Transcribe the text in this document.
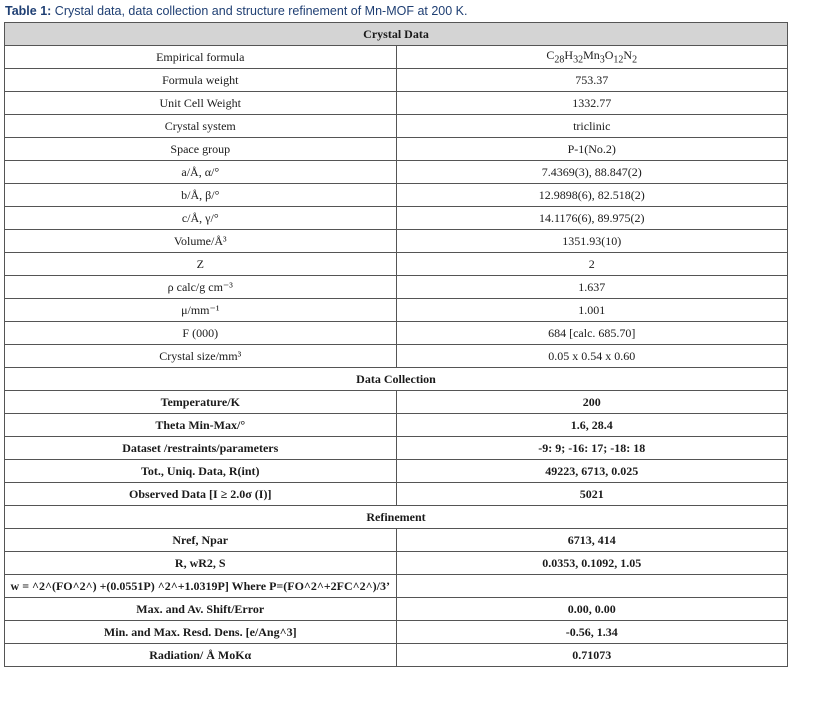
Table 1: Crystal data, data collection and structure refinement of Mn-MOF at 200 K.
Crystal Data	
Empirical formula	$C_{28}H_{32}Mn_3O_{12}N_2$
Formula weight	753.37
Unit Cell Weight	1332.77
Crystal system	triclinic
Space group	P-1(No.2)
a/Å, α/°	7.4369(3), 88.847(2)
b/Å, β/°	12.9898(6), 82.518(2)
c/Å, γ/°	14.1176(6), 89.975(2)
Volume/Å³	1351.93(10)
Z	2
ρ calc/g cm⁻³	1.637
μ/mm⁻¹	1.001
F (000)	684 [calc. 685.70]
Crystal size/mm³	0.05 x 0.54 x 0.60
Data Collection	
Temperature/K	200
Theta Min-Max/°	1.6, 28.4
Dataset /restraints/parameters	-9: 9; -16: 17; -18: 18
Tot., Uniq. Data, R(int)	49223, 6713, 0.025
Observed Data [I ≥ 2.0σ (I)]	5021
Refinement	
Nref, Npar	6713, 414
R, wR2, S	0.0353, 0.1092, 1.05
w = ^2^(FO^2^) +(0.0551P) ^2^+1.0319P] Where P=(FO^2^+2FC^2^)/3’	
Max. and Av. Shift/Error	0.00, 0.00
Min. and Max. Resd. Dens. [e/Ang^3]	-0.56, 1.34
Radiation/ Å MoKα	0.71073
